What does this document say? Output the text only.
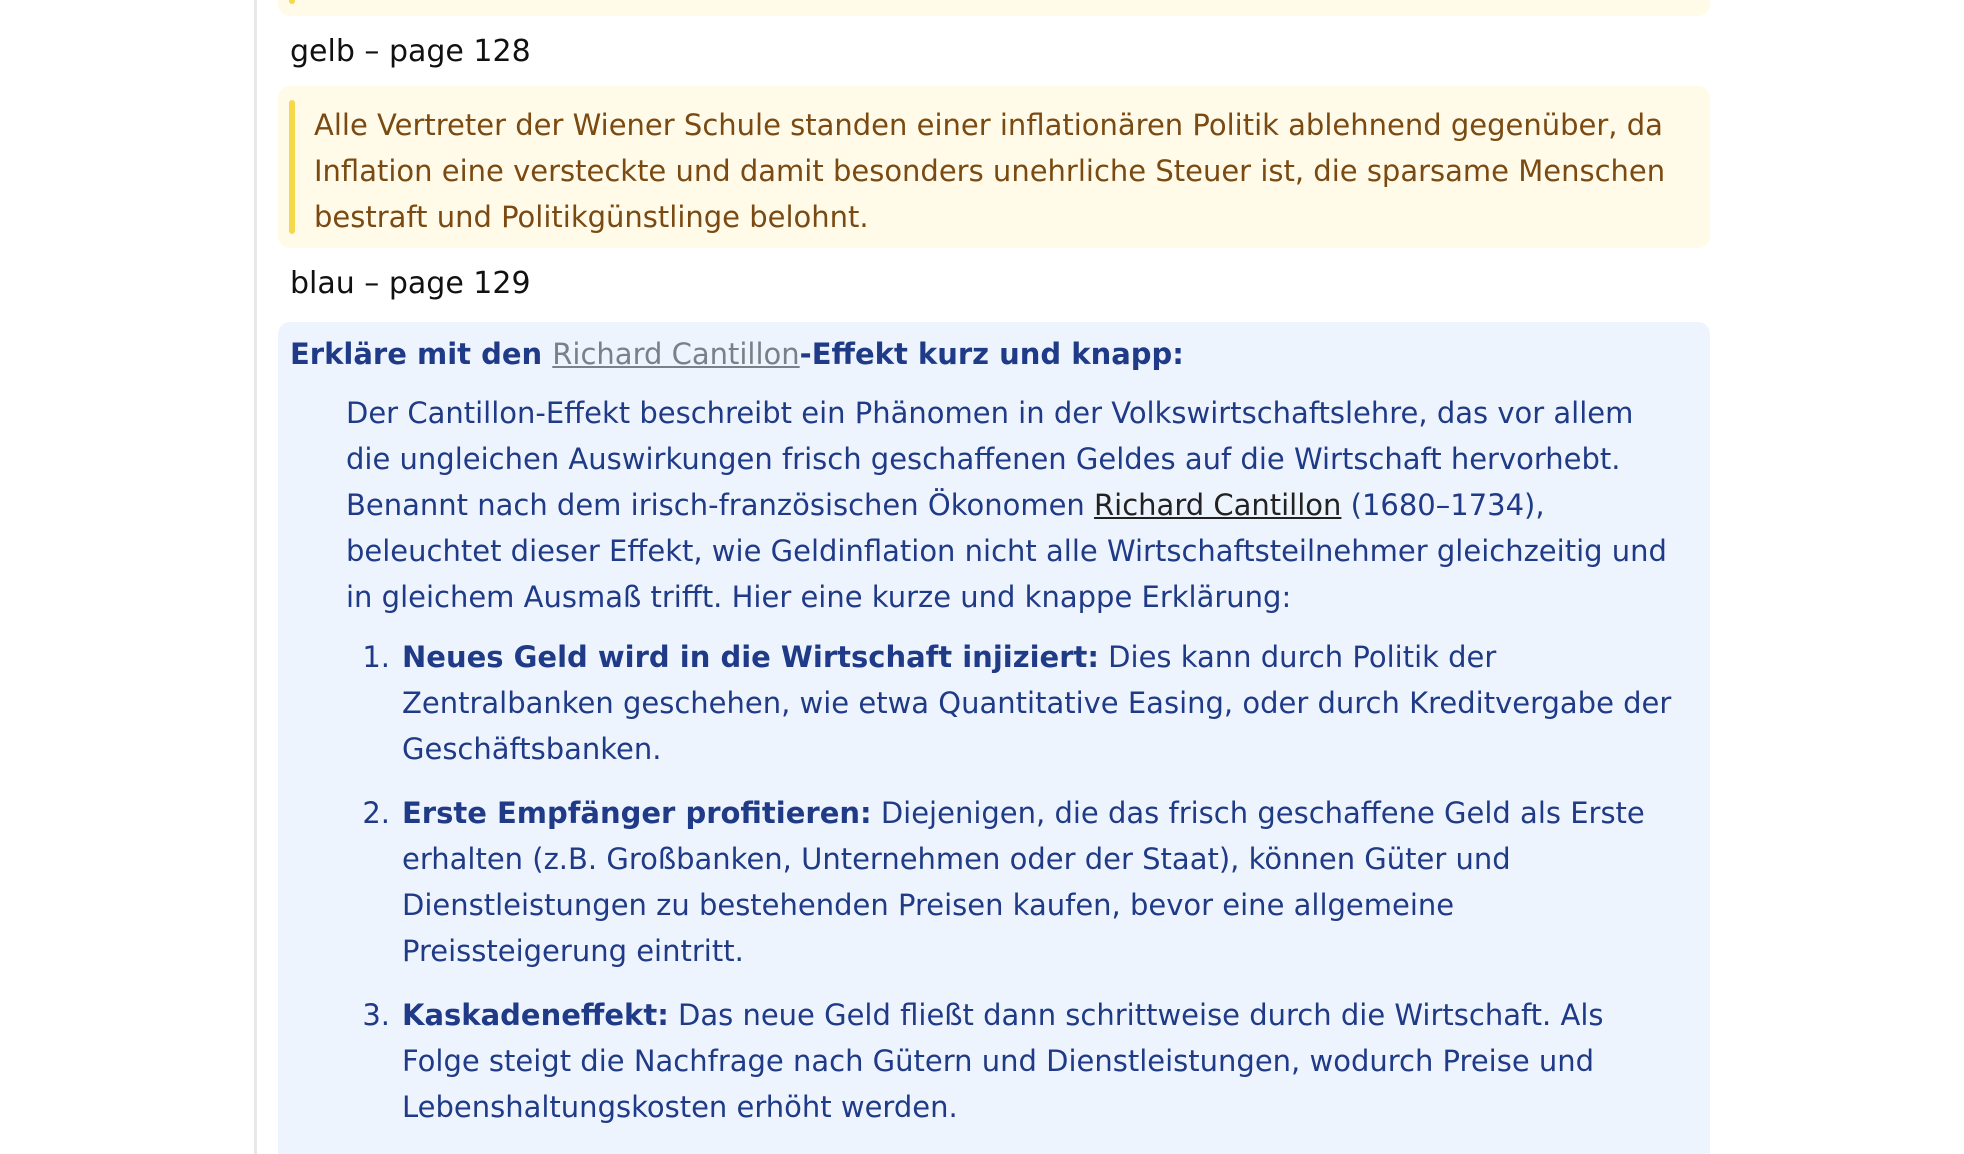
gelb – page 128

Alle Vertreter der Wiener Schule standen einer inflationären Politik ablehnend gegenüber, da Inflation eine versteckte und damit besonders unehrliche Steuer ist, die sparsame Menschen bestraft und Politikgünstlinge belohnt.

blau – page 129

Erkläre mit den Richard Cantillon-Effekt kurz und knapp:

Der Cantillon-Effekt beschreibt ein Phänomen in der Volkswirtschaftslehre, das vor allem die ungleichen Auswirkungen frisch geschaffenen Geldes auf die Wirtschaft hervorhebt. Benannt nach dem irisch-französischen Ökonomen Richard Cantillon (1680–1734), beleuchtet dieser Effekt, wie Geldinflation nicht alle Wirtschaftsteilnehmer gleichzeitig und in gleichem Ausmaß trifft. Hier eine kurze und knappe Erklärung:

1. Neues Geld wird in die Wirtschaft injiziert: Dies kann durch Politik der Zentralbanken geschehen, wie etwa Quantitative Easing, oder durch Kreditvergabe der Geschäftsbanken.
2. Erste Empfänger profitieren: Diejenigen, die das frisch geschaffene Geld als Erste erhalten (z.B. Großbanken, Unternehmen oder der Staat), können Güter und Dienstleistungen zu bestehenden Preisen kaufen, bevor eine allgemeine Preissteigerung eintritt.
3. Kaskadeneffekt: Das neue Geld fließt dann schrittweise durch die Wirtschaft. Als Folge steigt die Nachfrage nach Gütern und Dienstleistungen, wodurch Preise und Lebenshaltungskosten erhöht werden.
